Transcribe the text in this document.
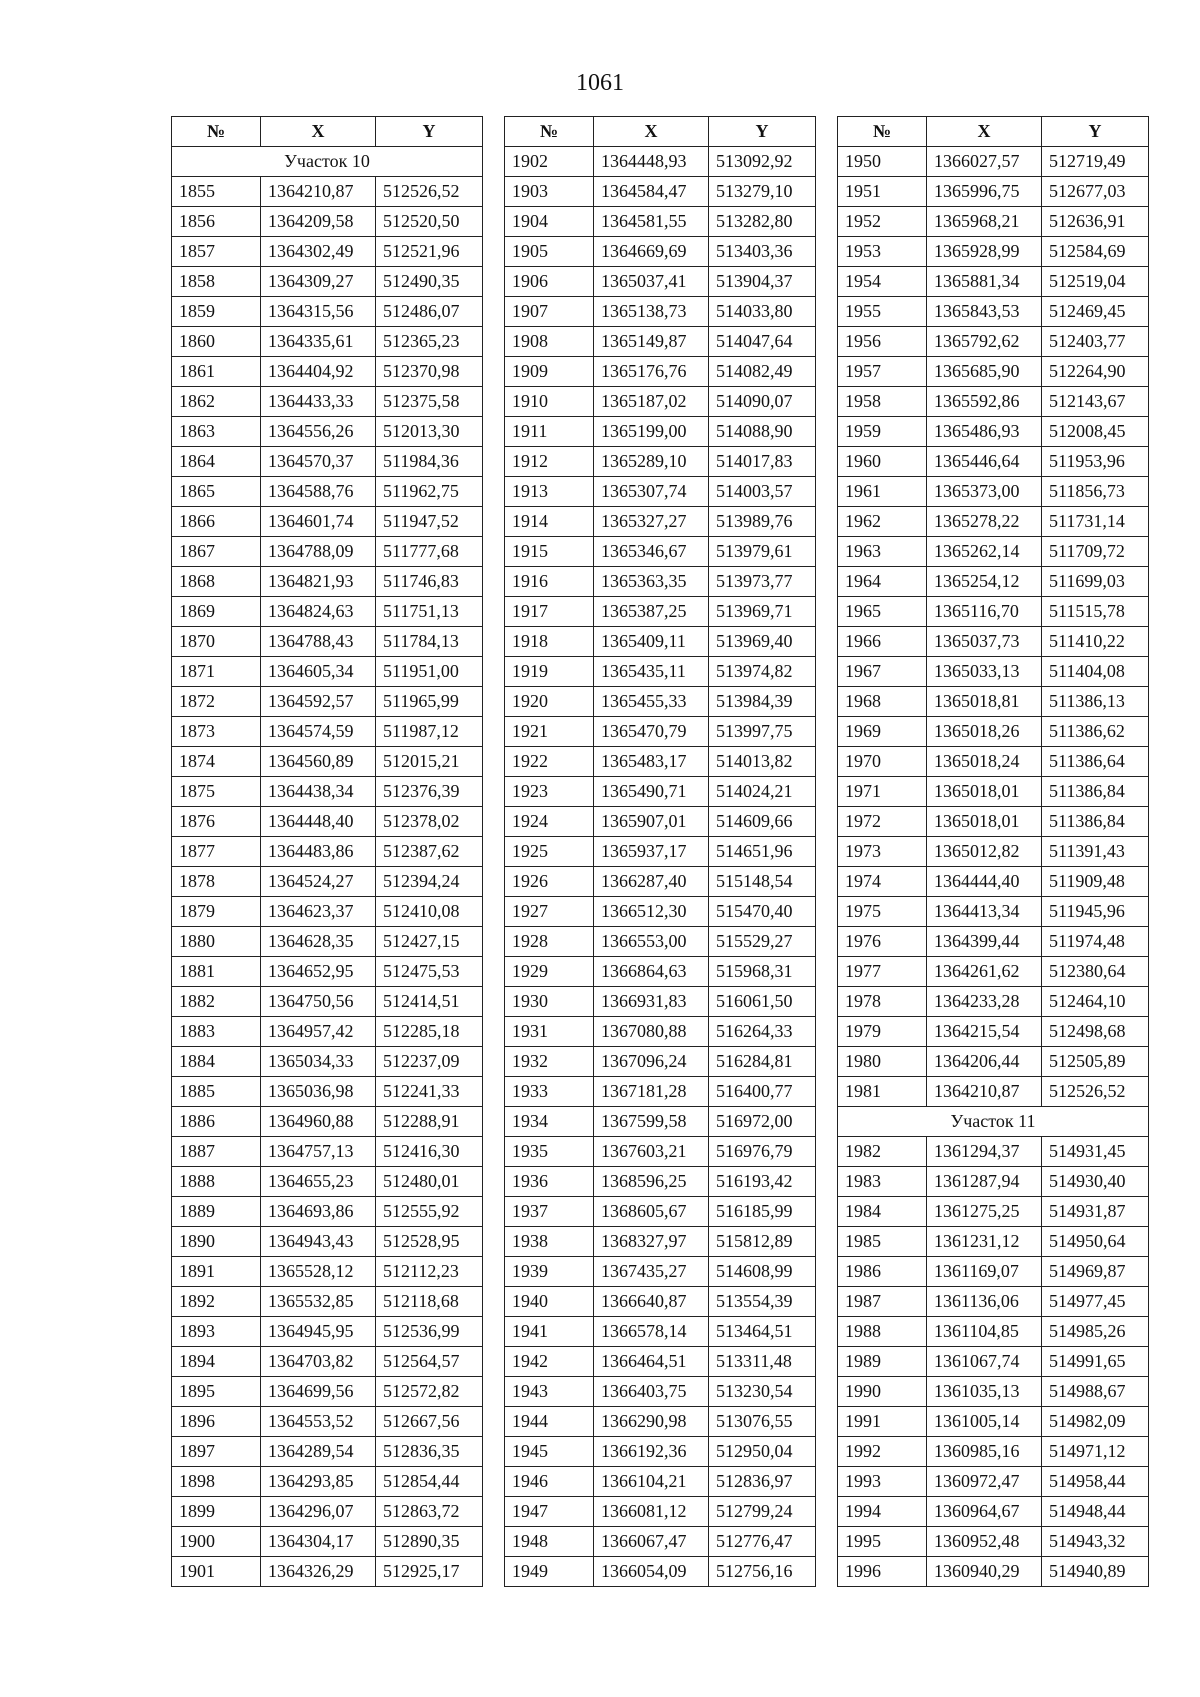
1061
№	X	Y
Участок 10		
1855	1364210,87	512526,52
1856	1364209,58	512520,50
1857	1364302,49	512521,96
1858	1364309,27	512490,35
1859	1364315,56	512486,07
1860	1364335,61	512365,23
1861	1364404,92	512370,98
1862	1364433,33	512375,58
1863	1364556,26	512013,30
1864	1364570,37	511984,36
1865	1364588,76	511962,75
1866	1364601,74	511947,52
1867	1364788,09	511777,68
1868	1364821,93	511746,83
1869	1364824,63	511751,13
1870	1364788,43	511784,13
1871	1364605,34	511951,00
1872	1364592,57	511965,99
1873	1364574,59	511987,12
1874	1364560,89	512015,21
1875	1364438,34	512376,39
1876	1364448,40	512378,02
1877	1364483,86	512387,62
1878	1364524,27	512394,24
1879	1364623,37	512410,08
1880	1364628,35	512427,15
1881	1364652,95	512475,53
1882	1364750,56	512414,51
1883	1364957,42	512285,18
1884	1365034,33	512237,09
1885	1365036,98	512241,33
1886	1364960,88	512288,91
1887	1364757,13	512416,30
1888	1364655,23	512480,01
1889	1364693,86	512555,92
1890	1364943,43	512528,95
1891	1365528,12	512112,23
1892	1365532,85	512118,68
1893	1364945,95	512536,99
1894	1364703,82	512564,57
1895	1364699,56	512572,82
1896	1364553,52	512667,56
1897	1364289,54	512836,35
1898	1364293,85	512854,44
1899	1364296,07	512863,72
1900	1364304,17	512890,35
1901	1364326,29	512925,17
№	X	Y
1902	1364448,93	513092,92
1903	1364584,47	513279,10
1904	1364581,55	513282,80
1905	1364669,69	513403,36
1906	1365037,41	513904,37
1907	1365138,73	514033,80
1908	1365149,87	514047,64
1909	1365176,76	514082,49
1910	1365187,02	514090,07
1911	1365199,00	514088,90
1912	1365289,10	514017,83
1913	1365307,74	514003,57
1914	1365327,27	513989,76
1915	1365346,67	513979,61
1916	1365363,35	513973,77
1917	1365387,25	513969,71
1918	1365409,11	513969,40
1919	1365435,11	513974,82
1920	1365455,33	513984,39
1921	1365470,79	513997,75
1922	1365483,17	514013,82
1923	1365490,71	514024,21
1924	1365907,01	514609,66
1925	1365937,17	514651,96
1926	1366287,40	515148,54
1927	1366512,30	515470,40
1928	1366553,00	515529,27
1929	1366864,63	515968,31
1930	1366931,83	516061,50
1931	1367080,88	516264,33
1932	1367096,24	516284,81
1933	1367181,28	516400,77
1934	1367599,58	516972,00
1935	1367603,21	516976,79
1936	1368596,25	516193,42
1937	1368605,67	516185,99
1938	1368327,97	515812,89
1939	1367435,27	514608,99
1940	1366640,87	513554,39
1941	1366578,14	513464,51
1942	1366464,51	513311,48
1943	1366403,75	513230,54
1944	1366290,98	513076,55
1945	1366192,36	512950,04
1946	1366104,21	512836,97
1947	1366081,12	512799,24
1948	1366067,47	512776,47
1949	1366054,09	512756,16
№	X	Y
1950	1366027,57	512719,49
1951	1365996,75	512677,03
1952	1365968,21	512636,91
1953	1365928,99	512584,69
1954	1365881,34	512519,04
1955	1365843,53	512469,45
1956	1365792,62	512403,77
1957	1365685,90	512264,90
1958	1365592,86	512143,67
1959	1365486,93	512008,45
1960	1365446,64	511953,96
1961	1365373,00	511856,73
1962	1365278,22	511731,14
1963	1365262,14	511709,72
1964	1365254,12	511699,03
1965	1365116,70	511515,78
1966	1365037,73	511410,22
1967	1365033,13	511404,08
1968	1365018,81	511386,13
1969	1365018,26	511386,62
1970	1365018,24	511386,64
1971	1365018,01	511386,84
1972	1365018,01	511386,84
1973	1365012,82	511391,43
1974	1364444,40	511909,48
1975	1364413,34	511945,96
1976	1364399,44	511974,48
1977	1364261,62	512380,64
1978	1364233,28	512464,10
1979	1364215,54	512498,68
1980	1364206,44	512505,89
1981	1364210,87	512526,52
Участок 11		
1982	1361294,37	514931,45
1983	1361287,94	514930,40
1984	1361275,25	514931,87
1985	1361231,12	514950,64
1986	1361169,07	514969,87
1987	1361136,06	514977,45
1988	1361104,85	514985,26
1989	1361067,74	514991,65
1990	1361035,13	514988,67
1991	1361005,14	514982,09
1992	1360985,16	514971,12
1993	1360972,47	514958,44
1994	1360964,67	514948,44
1995	1360952,48	514943,32
1996	1360940,29	514940,89
